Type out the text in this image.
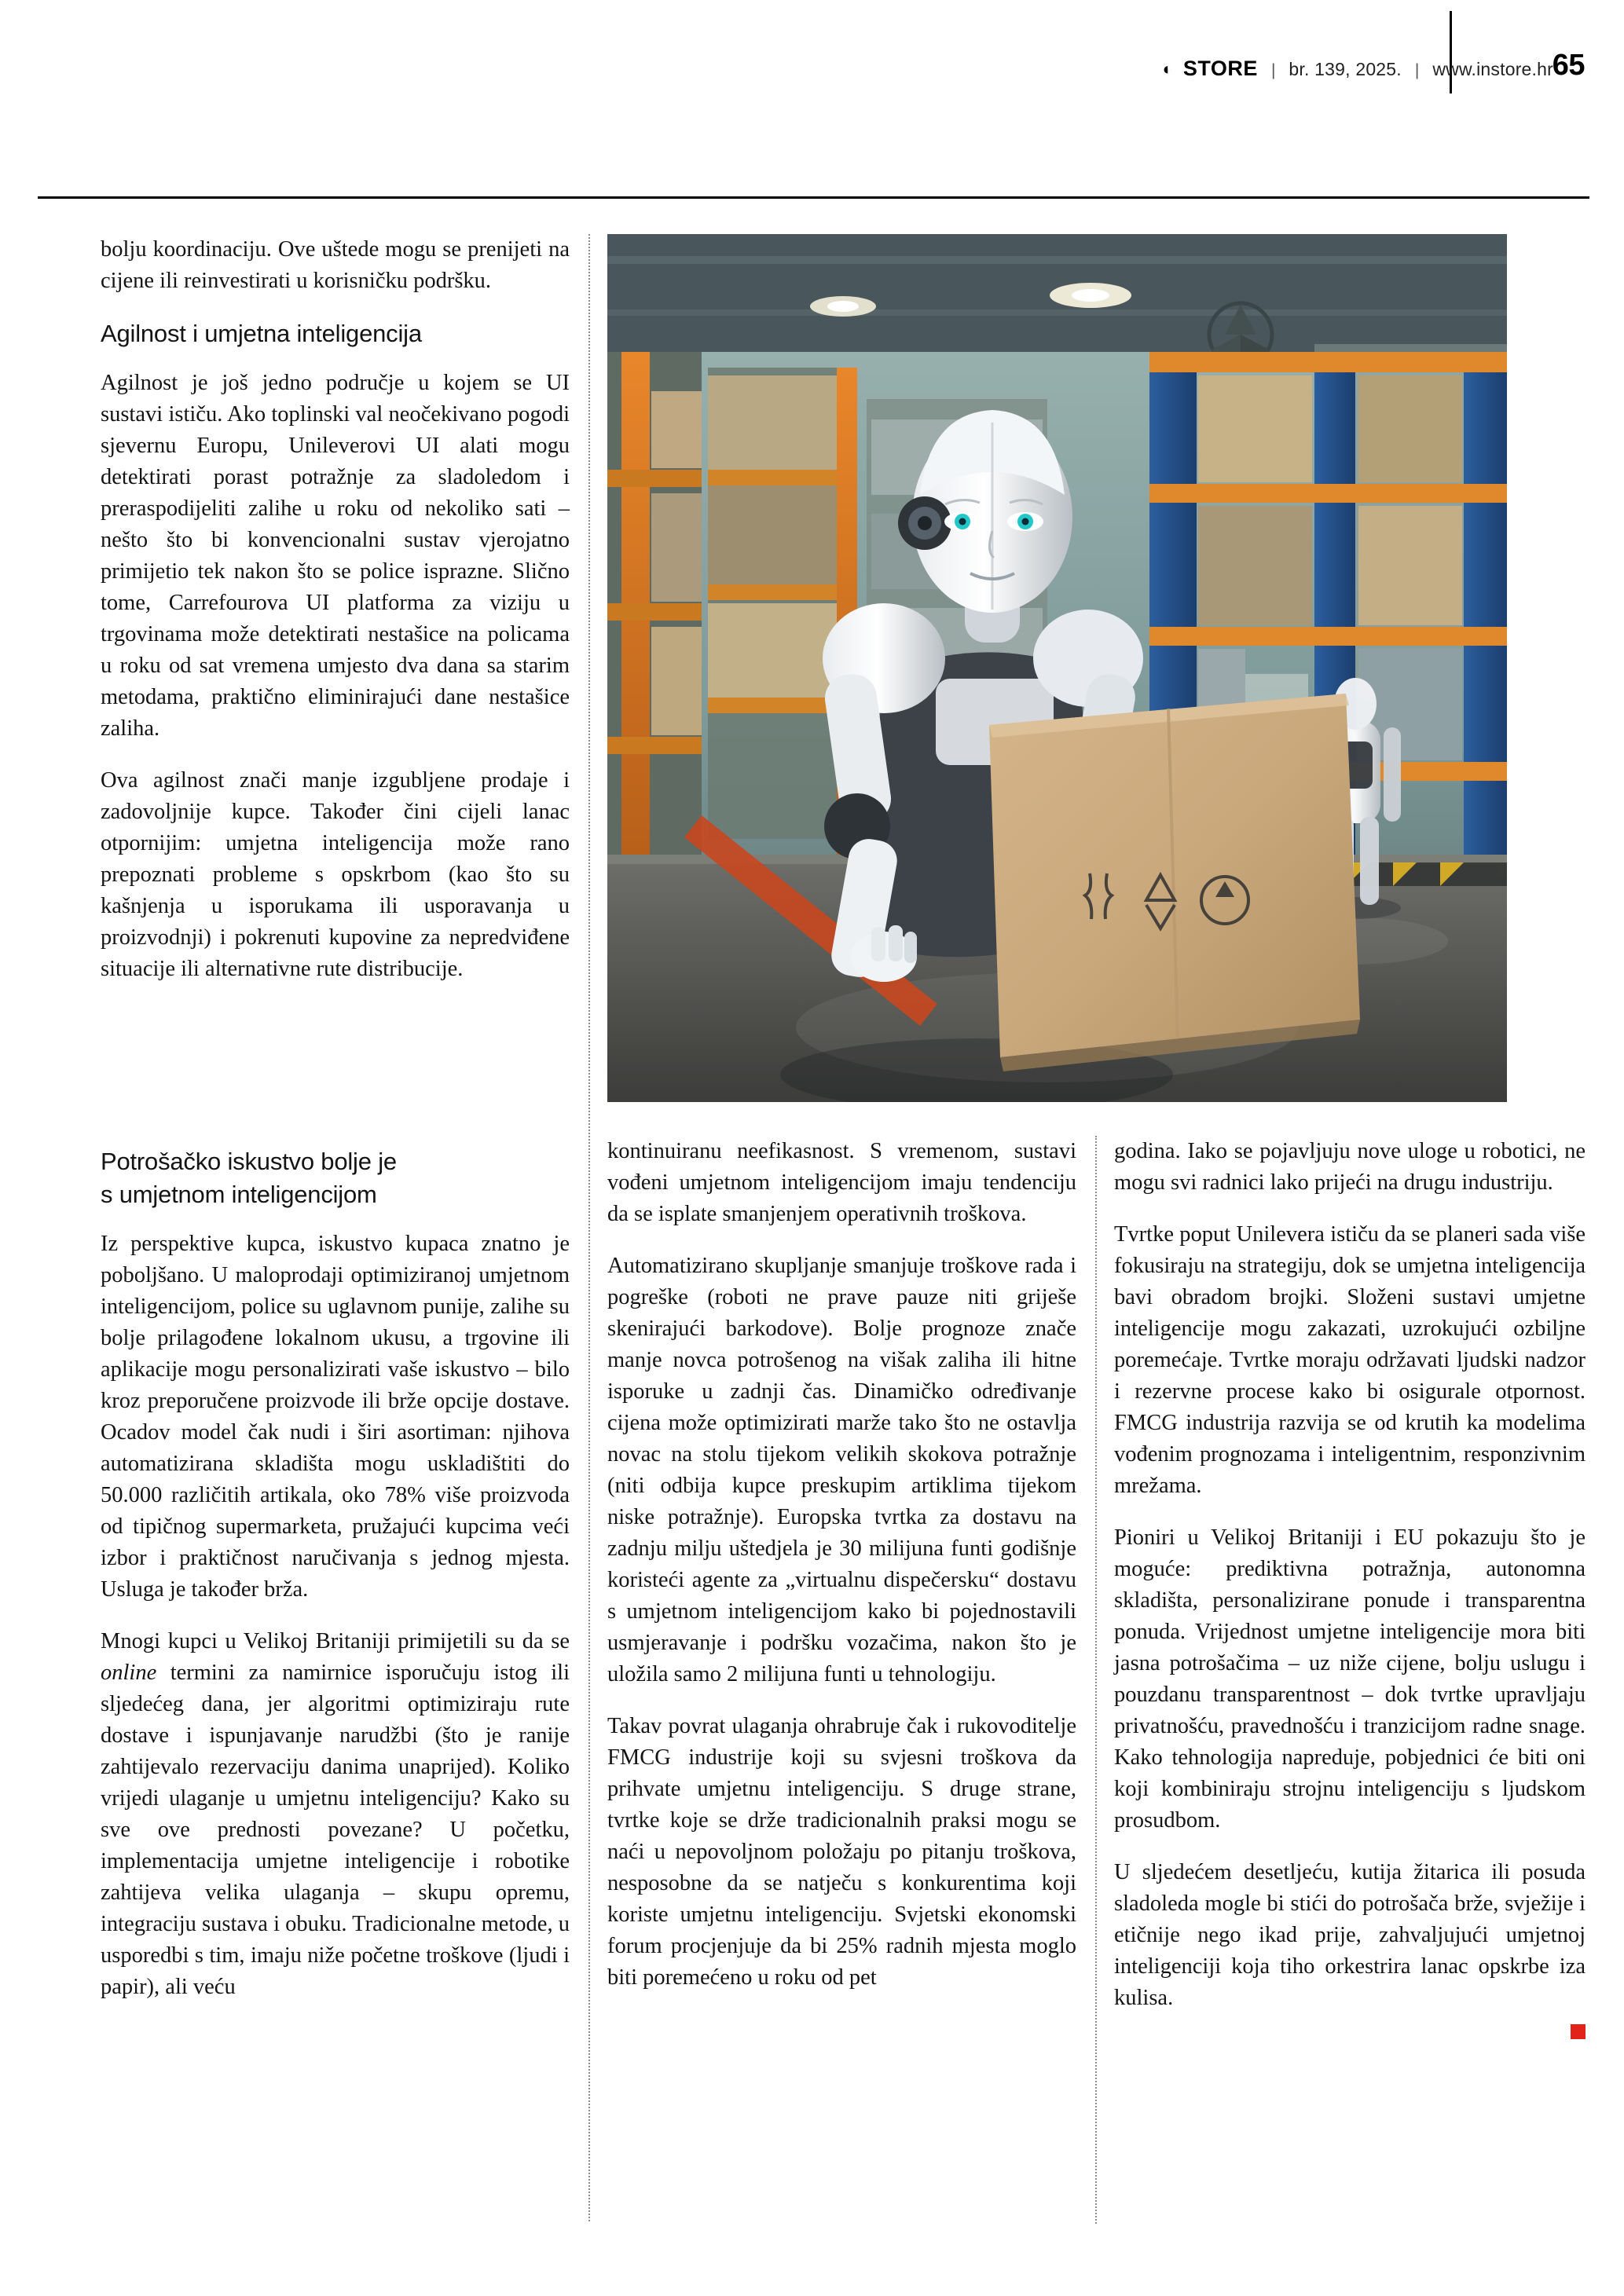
◐ STORE | br. 139, 2025. | www.instore.hr
65

bolju koordinaciju. Ove uštede mogu se prenijeti na cijene ili reinvestirati u korisničku podršku.

Agilnost i umjetna inteligencija

Agilnost je još jedno područje u kojem se UI sustavi ističu. Ako toplinski val neočekivano pogodi sjevernu Europu, Unileverovi UI alati mogu detektirati porast potražnje za sladoledom i preraspodijeliti zalihe u roku od nekoliko sati – nešto što bi konvencionalni sustav vjerojatno primijetio tek nakon što se police isprazne. Slično tome, Carrefourova UI platforma za viziju u trgovinama može detektirati nestašice na policama u roku od sat vremena umjesto dva dana sa starim metodama, praktično eliminirajući dane nestašice zaliha.

Ova agilnost znači manje izgubljene prodaje i zadovoljnije kupce. Također čini cijeli lanac otpornijim: umjetna inteligencija može rano prepoznati probleme s opskrbom (kao što su kašnjenja u isporukama ili usporavanja u proizvodnji) i pokrenuti kupovine za nepredviđene situacije ili alternativne rute distribucije.

Potrošačko iskustvo bolje je
s umjetnom inteligencijom

Iz perspektive kupca, iskustvo kupaca znatno je poboljšano. U maloprodaji optimiziranoj umjetnom inteligencijom, police su uglavnom punije, zalihe su bolje prilagođene lokalnom ukusu, a trgovine ili aplikacije mogu personalizirati vaše iskustvo – bilo kroz preporučene proizvode ili brže opcije dostave. Ocadov model čak nudi i širi asortiman: njihova automatizirana skladišta mogu uskladištiti do 50.000 različitih artikala, oko 78% više proizvoda od tipičnog supermarketa, pružajući kupcima veći izbor i praktičnost naručivanja s jednog mjesta. Usluga je također brža.

Mnogi kupci u Velikoj Britaniji primijetili su da se online termini za namirnice isporučuju istog ili sljedećeg dana, jer algoritmi optimiziraju rute dostave i ispunjavanje narudžbi (što je ranije zahtijevalo rezervaciju danima unaprijed). Koliko vrijedi ulaganje u umjetnu inteligenciju? Kako su sve ove prednosti povezane? U početku, implementacija umjetne inteligencije i robotike zahtijeva velika ulaganja – skupu opremu, integraciju sustava i obuku. Tradicionalne metode, u usporedbi s tim, imaju niže početne troškove (ljudi i papir), ali veću

kontinuiranu neefikasnost. S vremenom, sustavi vođeni umjetnom inteligencijom imaju tendenciju da se isplate smanjenjem operativnih troškova.

Automatizirano skupljanje smanjuje troškove rada i pogreške (roboti ne prave pauze niti griješe skenirajući barkodove). Bolje prognoze znače manje novca potrošenog na višak zaliha ili hitne isporuke u zadnji čas. Dinamičko određivanje cijena može optimizirati marže tako što ne ostavlja novac na stolu tijekom velikih skokova potražnje (niti odbija kupce preskupim artiklima tijekom niske potražnje). Europska tvrtka za dostavu na zadnju milju uštedjela je 30 milijuna funti godišnje koristeći agente za „virtualnu dispečersku“ dostavu s umjetnom inteligencijom kako bi pojednostavili usmjeravanje i podršku vozačima, nakon što je uložila samo 2 milijuna funti u tehnologiju.

Takav povrat ulaganja ohrabruje čak i rukovoditelje FMCG industrije koji su svjesni troškova da prihvate umjetnu inteligenciju. S druge strane, tvrtke koje se drže tradicionalnih praksi mogu se naći u nepovoljnom položaju po pitanju troškova, nesposobne da se natječu s konkurentima koji koriste umjetnu inteligenciju. Svjetski ekonomski forum procjenjuje da bi 25% radnih mjesta moglo biti poremećeno u roku od pet

godina. Iako se pojavljuju nove uloge u robotici, ne mogu svi radnici lako prijeći na drugu industriju.

Tvrtke poput Unilevera ističu da se planeri sada više fokusiraju na strategiju, dok se umjetna inteligencija bavi obradom brojki. Složeni sustavi umjetne inteligencije mogu zakazati, uzrokujući ozbiljne poremećaje. Tvrtke moraju održavati ljudski nadzor i rezervne procese kako bi osigurale otpornost. FMCG industrija razvija se od krutih ka modelima vođenim prognozama i inteligentnim, responzivnim mrežama.

Pioniri u Velikoj Britaniji i EU pokazuju što je moguće: prediktivna potražnja, autonomna skladišta, personalizirane ponude i transparentna ponuda. Vrijednost umjetne inteligencije mora biti jasna potrošačima – uz niže cijene, bolju uslugu i pouzdanu transparentnost – dok tvrtke upravljaju privatnošću, pravednošću i tranzicijom radne snage. Kako tehnologija napreduje, pobjednici će biti oni koji kombiniraju strojnu inteligenciju s ljudskom prosudbom.

U sljedećem desetljeću, kutija žitarica ili posuda sladoleda mogle bi stići do potrošača brže, svježije i etičnije nego ikad prije, zahvaljujući umjetnoj inteligenciji koja tiho orkestrira lanac opskrbe iza kulisa.
